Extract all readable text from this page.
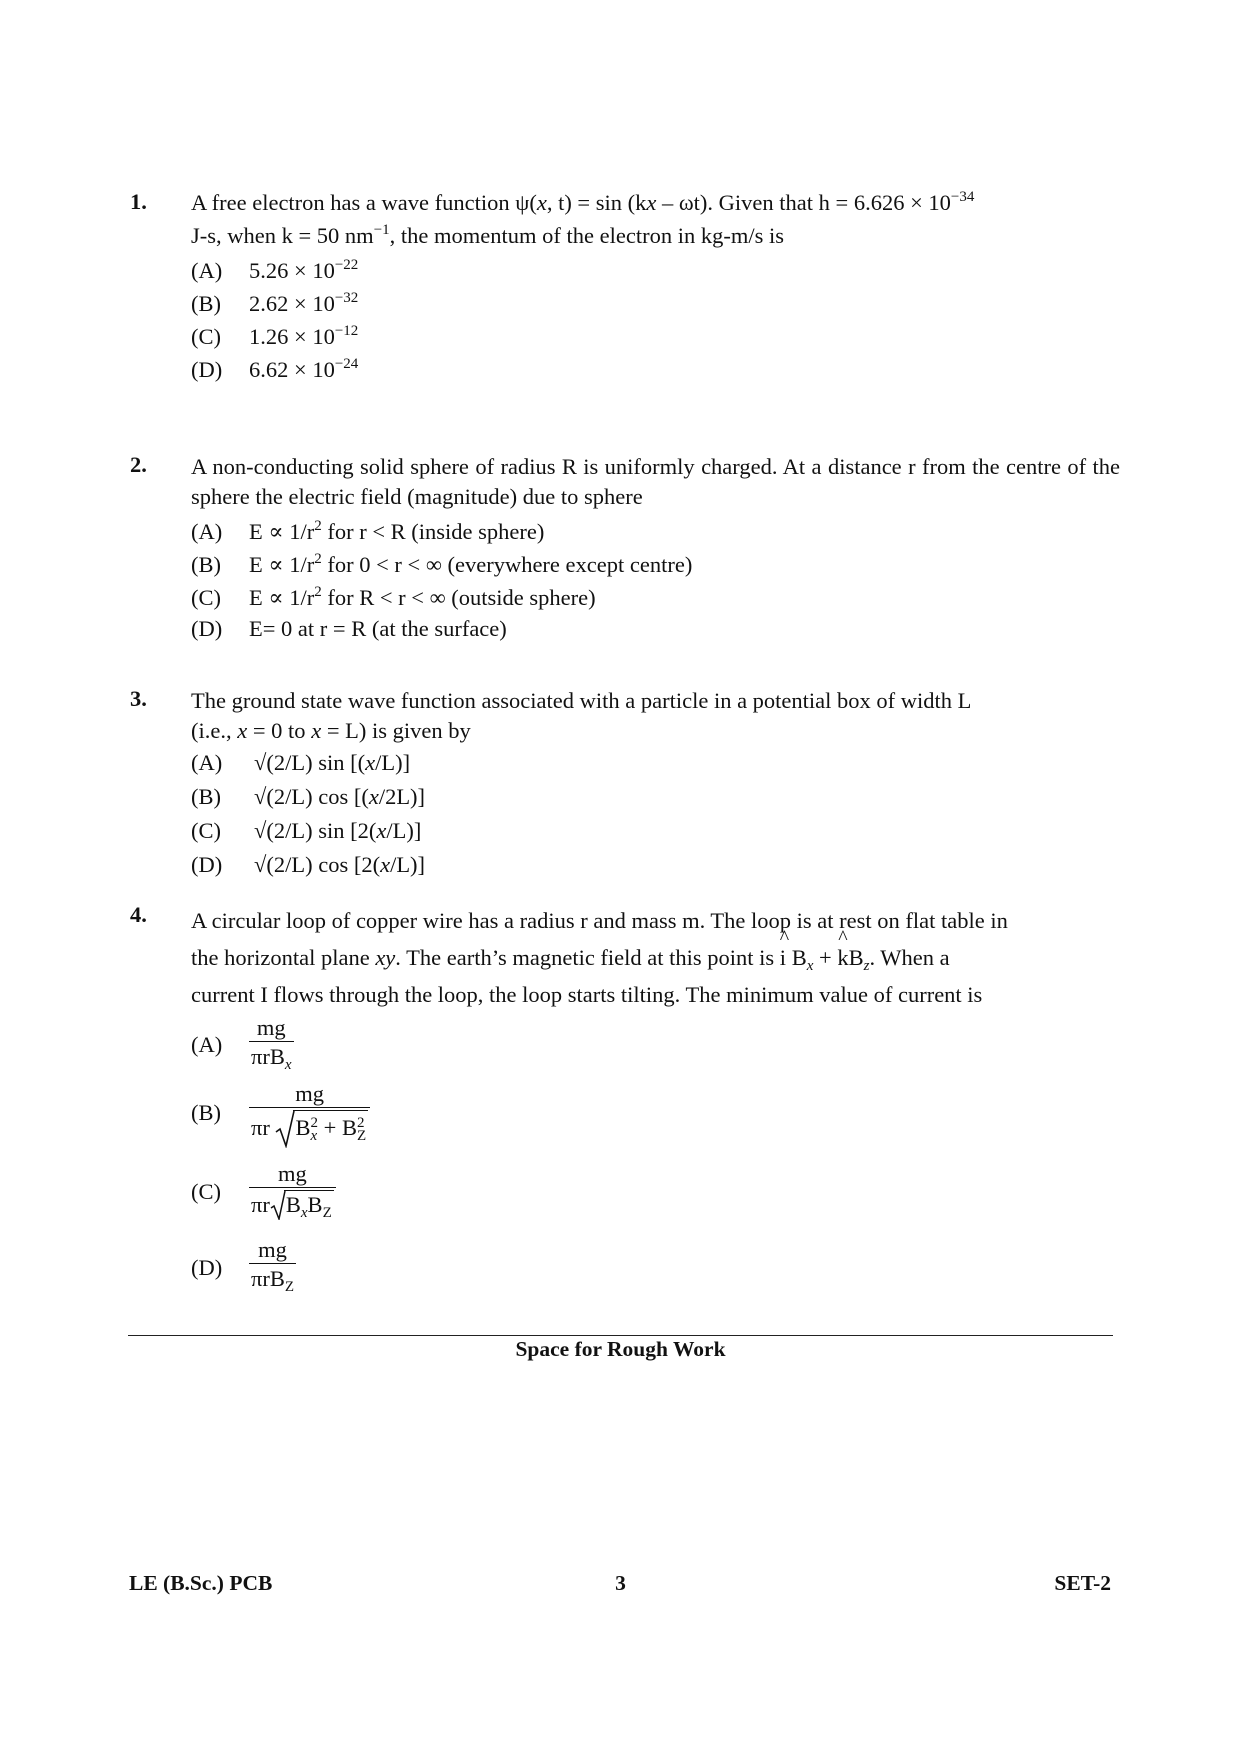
1. A free electron has a wave function ψ(x, t) = sin (kx – ωt). Given that $h = 6.626 \times 10^{-34}$
J-s, when k = 50 $nm^{-1}$, the momentum of the electron in kg-m/s is
(A) $5.26 \times 10^{-22}$
(B) $2.62 \times 10^{-32}$
(C) $1.26 \times 10^{-12}$
(D) $6.62 \times 10^{-24}$
2. A non-conducting solid sphere of radius R is uniformly charged. At a distance r from the centre of the sphere the electric field (magnitude) due to sphere
(A) $E \propto 1/r^2$ for r < R (inside sphere)
(B) $E \propto 1/r^2$ for 0 < r < ∞ (everywhere except centre)
(C) $E \propto 1/r^2$ for R < r < ∞ (outside sphere)
(D) E= 0 at r = R (at the surface)
3. The ground state wave function associated with a particle in a potential box of width L
(i.e., x = 0 to x = L) is given by
(A) √(2/L) sin [(x/L)]
(B) √(2/L) cos [(x/2L)]
(C) √(2/L) sin [2(x/L)]
(D) √(2/L) cos [2(x/L)]
4. A circular loop of copper wire has a radius r and mass m. The loop is at rest on flat table in
the horizontal plane xy. The earth’s magnetic field at this point is ^ i $B_x$ + ^ $kB_z$. When a
current I flows through the loop, the loop starts tilting. The minimum value of current is
(A)
mg
πrB$_x$
(B)
mg
πr B2
x + B2
Z
(C)
mg
πr $B_xB_Z$
(D)
mg
πrB$_Z$
Space for Rough Work
LE (B.Sc.) PCB	3	SET-2
